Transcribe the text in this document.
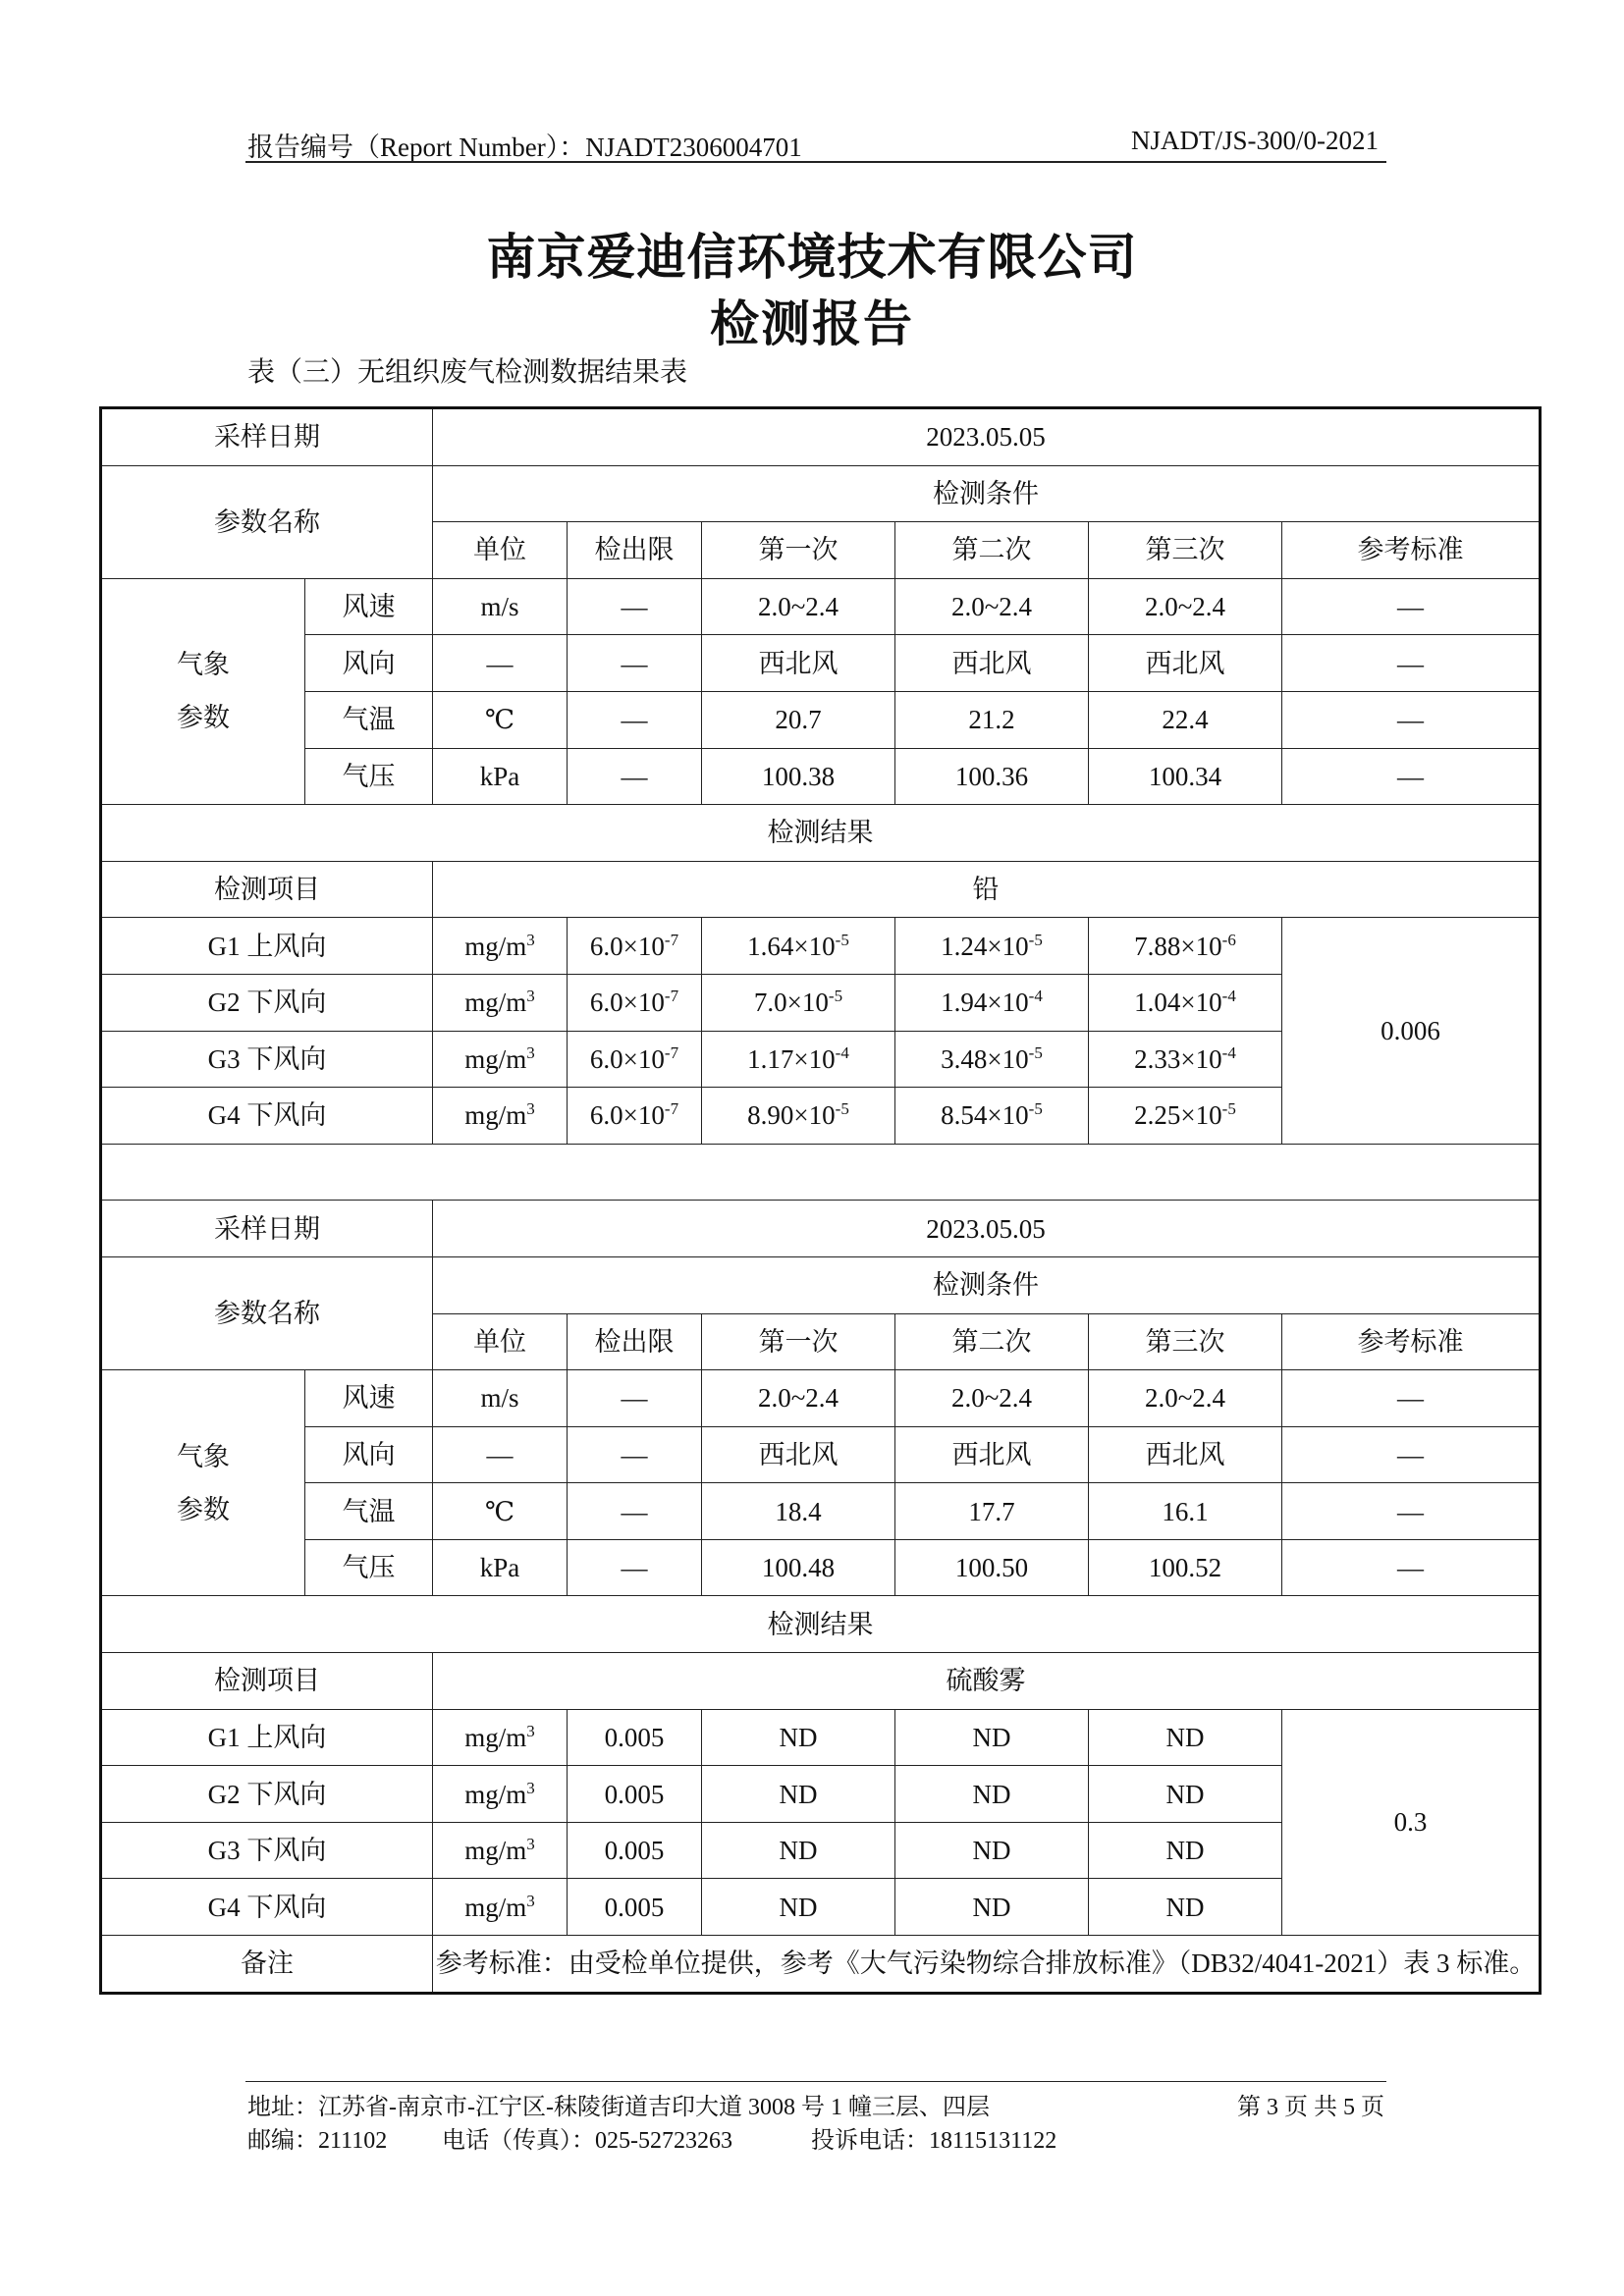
报告编号（Report Number）：NJADT2306004701	NJADT/JS-300/0-2021
南京爱迪信环境技术有限公司
检测报告
表（三）无组织废气检测数据结果表
采样日期		2023.05.05					
参数名称		检测条件					
		单位	检出限	第一次	第二次	第三次	参考标准

气象
参数	风速	m/s	—	2.0~2.4	2.0~2.4	2.0~2.4	—
	风向	—	—	西北风	西北风	西北风	—
	气温	℃	—	20.7	21.2	22.4	—
	气压	kPa	—	100.38	100.36	100.34	—
检测结果							
检测项目		铅					
G1 上风向		$mg/m^3$	$6.0\times 10^{-7}$	$1.64\times 10^{-5}$	$1.24\times 10^{-5}$	$7.88\times 10^{-6}$	0.006
G2 下风向		$mg/m^3$	$6.0\times 10^{-7}$	$7.0\times 10^{-5}$	$1.94\times 10^{-4}$	$1.04\times 10^{-4}$
G3 下风向		$mg/m^3$	$6.0\times 10^{-7}$	$1.17\times 10^{-4}$	$3.48\times 10^{-5}$	$2.33\times 10^{-4}$
G4 下风向		$mg/m^3$	$6.0\times 10^{-7}$	$8.90\times 10^{-5}$	$8.54\times 10^{-5}$	$2.25\times 10^{-5}$

采样日期		2023.05.05					
参数名称		检测条件					
		单位	检出限	第一次	第二次	第三次	参考标准

气象
参数	风速	m/s	—	2.0~2.4	2.0~2.4	2.0~2.4	—
	风向	—	—	西北风	西北风	西北风	—
	气温	℃	—	18.4	17.7	16.1	—
	气压	kPa	—	100.48	100.50	100.52	—
检测结果							
检测项目		硫酸雾					
G1 上风向		$mg/m^3$	0.005	ND	ND	ND	0.3
G2 下风向		$mg/m^3$	0.005	ND	ND	ND	
G3 下风向		$mg/m^3$	0.005	ND	ND	ND	
G4 下风向		$mg/m^3$	0.005	ND	ND	ND	
备注		参考标准：由受检单位提供，参考《大气污染物综合排放标准》（DB32/4041-2021）表 3 标准。					
地址：江苏省-南京市-江宁区-秣陵街道吉印大道 3008 号 1 幢三层、四层	第 3 页 共 5 页
邮编：211102 电话（传真）：025-52723263	投诉电话：18115131122
